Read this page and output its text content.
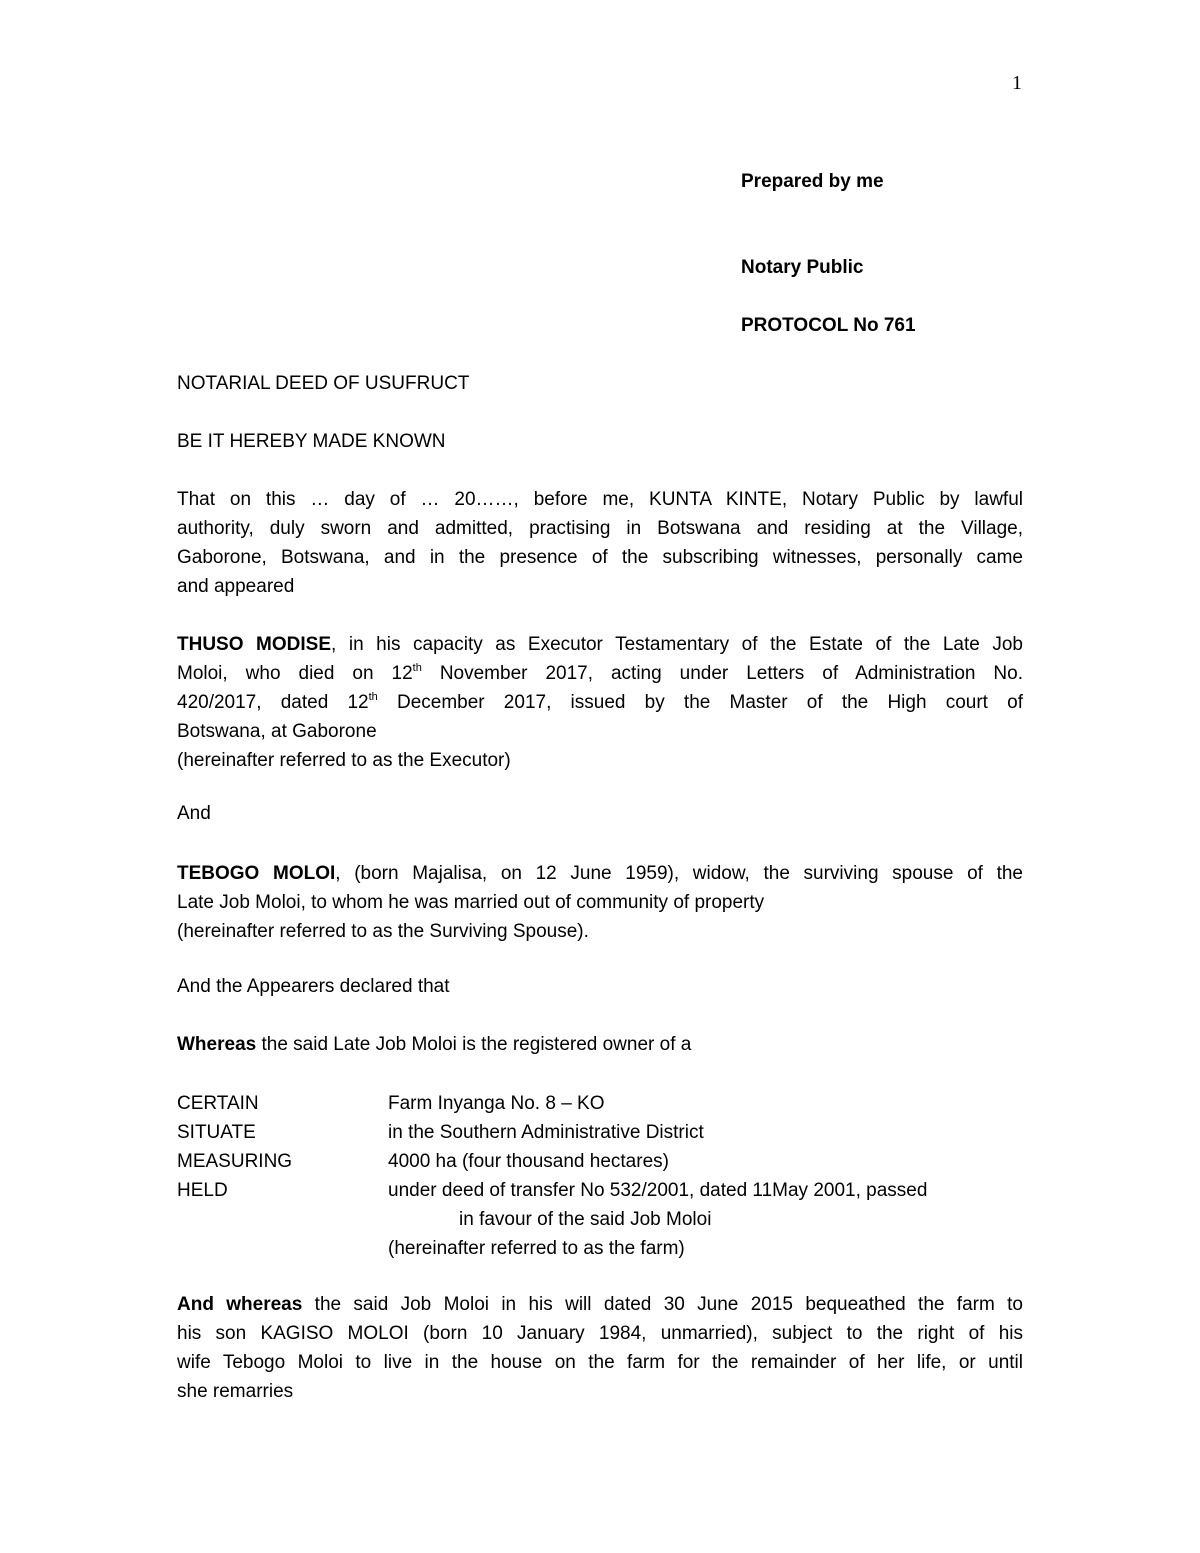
1
Prepared by me
Notary Public
PROTOCOL No 761
NOTARIAL DEED OF USUFRUCT
BE IT HEREBY MADE KNOWN
That on this … day of … 20……, before me, KUNTA KINTE, Notary Public by lawful
authority, duly sworn and admitted, practising in Botswana and residing at the Village,
Gaborone, Botswana, and in the presence of the subscribing witnesses, personally came
and appeared
THUSO MODISE, in his capacity as Executor Testamentary of the Estate of the Late Job
Moloi, who died on 12th November 2017, acting under Letters of Administration No.
420/2017, dated 12th December 2017, issued by the Master of the High court of
Botswana, at Gaborone
(hereinafter referred to as the Executor)
And
TEBOGO MOLOI, (born Majalisa, on 12 June 1959), widow, the surviving spouse of the
Late Job Moloi, to whom he was married out of community of property
(hereinafter referred to as the Surviving Spouse).
And the Appearers declared that
Whereas the said Late Job Moloi is the registered owner of a
CERTAIN	Farm Inyanga No. 8 – KO
SITUATE	in the Southern Administrative District
MEASURING	4000 ha (four thousand hectares)
HELD	under deed of transfer No 532/2001, dated 11May 2001, passed
in favour of the said Job Moloi
(hereinafter referred to as the farm)
And whereas the said Job Moloi in his will dated 30 June 2015 bequeathed the farm to
his son KAGISO MOLOI (born 10 January 1984, unmarried), subject to the right of his
wife Tebogo Moloi to live in the house on the farm for the remainder of her life, or until
she remarries
